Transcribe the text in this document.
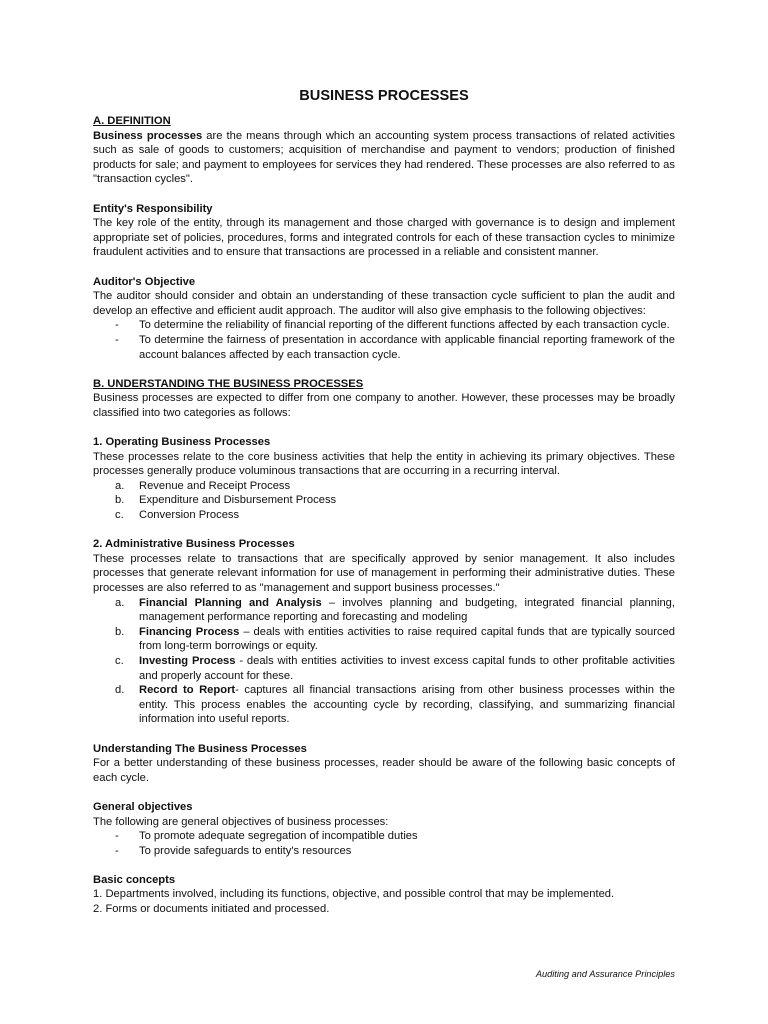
BUSINESS PROCESSES
A. DEFINITION

Business processes are the means through which an accounting system process transactions of related activities such as sale of goods to customers; acquisition of merchandise and payment to vendors; production of finished products for sale; and payment to employees for services they had rendered. These processes are also referred to as "transaction cycles".

Entity's Responsibility

The key role of the entity, through its management and those charged with governance is to design and implement appropriate set of policies, procedures, forms and integrated controls for each of these transaction cycles to minimize fraudulent activities and to ensure that transactions are processed in a reliable and consistent manner.

Auditor's Objective

The auditor should consider and obtain an understanding of these transaction cycle sufficient to plan the audit and develop an effective and efficient audit approach. The auditor will also give emphasis to the following objectives:

-	To determine the reliability of financial reporting of the different functions affected by each transaction cycle.
-	To determine the fairness of presentation in accordance with applicable financial reporting framework of the account balances affected by each transaction cycle.
B. UNDERSTANDING THE BUSINESS PROCESSES

Business processes are expected to differ from one company to another. However, these processes may be broadly classified into two categories as follows:

1. Operating Business Processes

These processes relate to the core business activities that help the entity in achieving its primary objectives. These processes generally produce voluminous transactions that are occurring in a recurring interval.

a.	Revenue and Receipt Process
b.	Expenditure and Disbursement Process
c.	Conversion Process
2. Administrative Business Processes

These processes relate to transactions that are specifically approved by senior management. It also includes processes that generate relevant information for use of management in performing their administrative duties. These processes are also referred to as "management and support business processes."

a.	Financial Planning and Analysis – involves planning and budgeting, integrated financial planning, management performance reporting and forecasting and modeling
b.	Financing Process – deals with entities activities to raise required capital funds that are typically sourced from long-term borrowings or equity.
c.	Investing Process - deals with entities activities to invest excess capital funds to other profitable activities and properly account for these.
d.	Record to Report- captures all financial transactions arising from other business processes within the entity. This process enables the accounting cycle by recording, classifying, and summarizing financial information into useful reports.
Understanding The Business Processes

For a better understanding of these business processes, reader should be aware of the following basic concepts of each cycle.

General objectives

The following are general objectives of business processes:

-	To promote adequate segregation of incompatible duties
-	To provide safeguards to entity's resources
Basic concepts

1. Departments involved, including its functions, objective, and possible control that may be implemented.

2. Forms or documents initiated and processed.

Auditing and Assurance Principles
